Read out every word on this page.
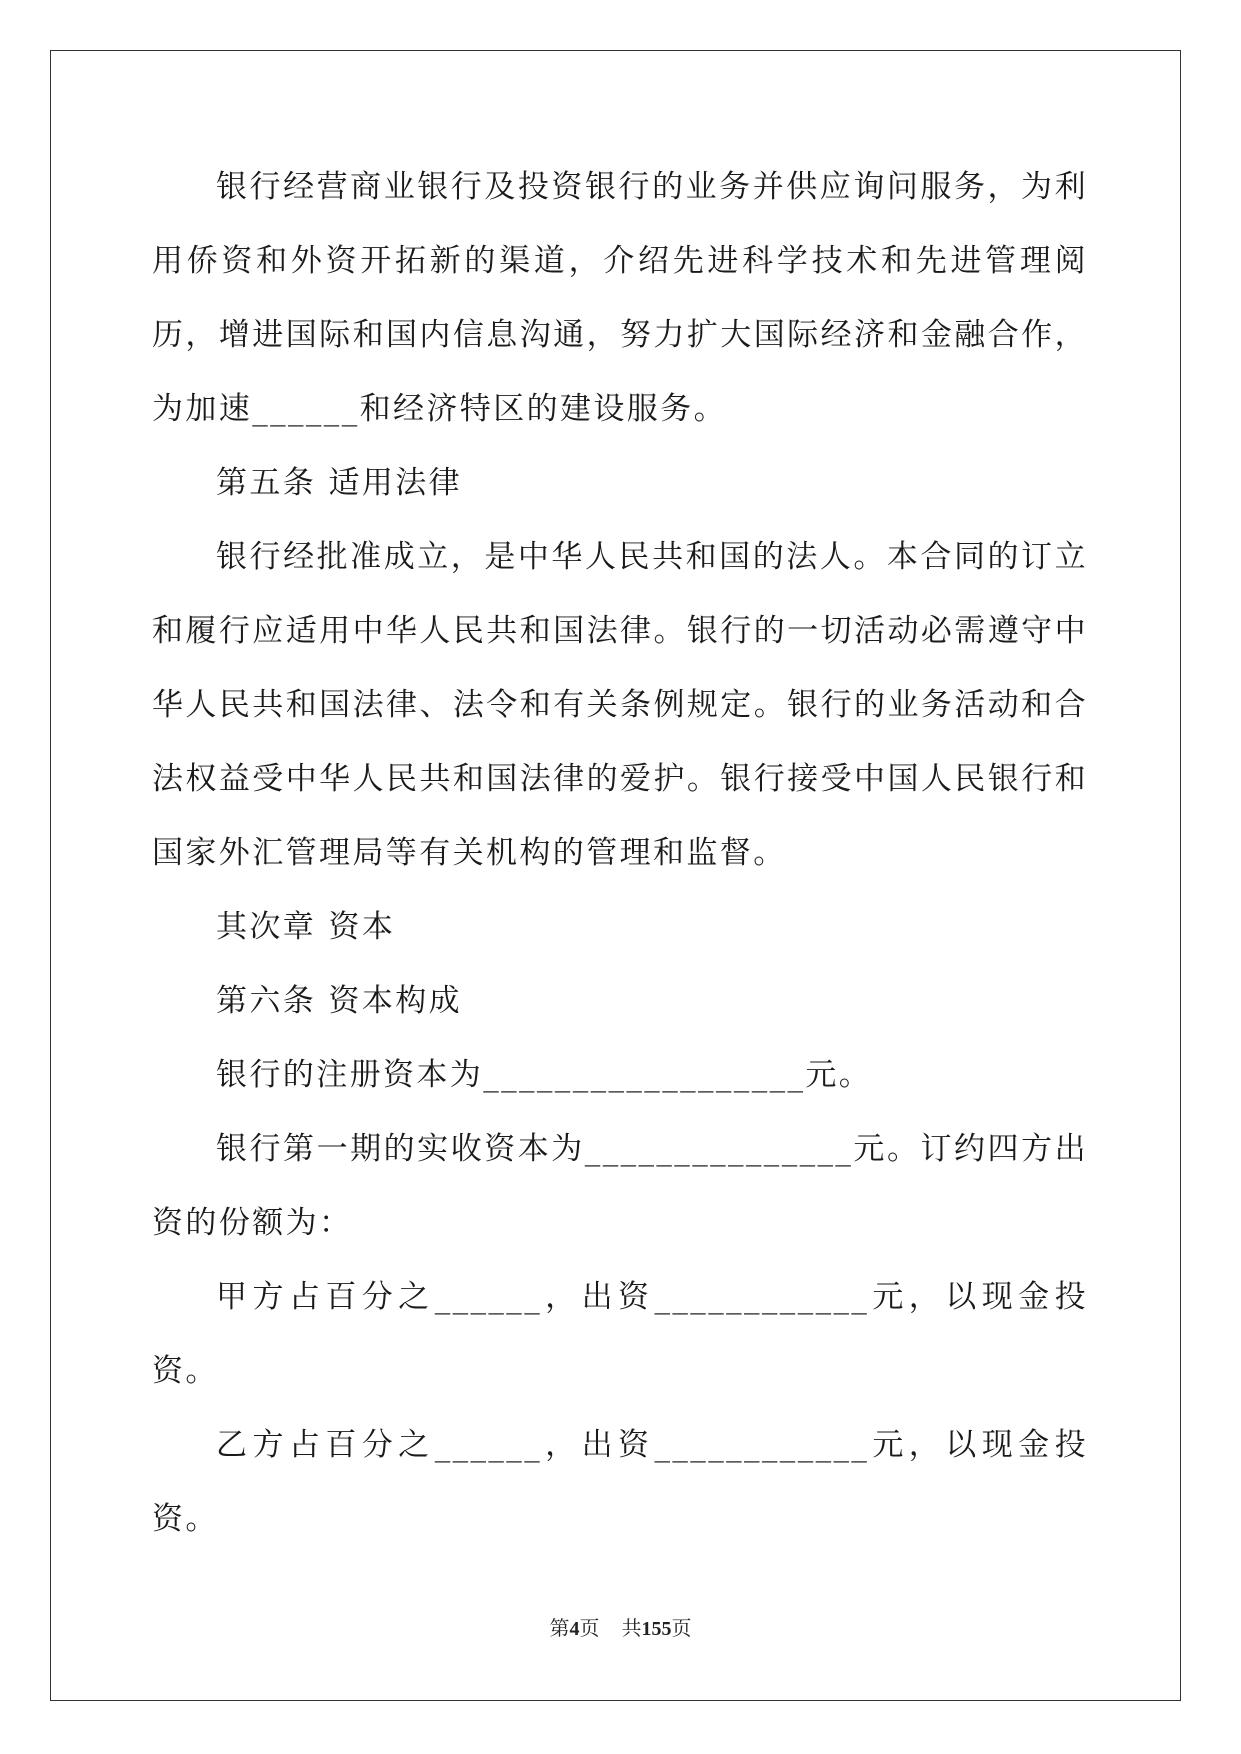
银行经营商业银行及投资银行的业务并供应询问服务，为利用侨资和外资开拓新的渠道，介绍先进科学技术和先进管理阅历，增进国际和国内信息沟通，努力扩大国际经济和金融合作，为加速______和经济特区的建设服务。

第五条 适用法律

银行经批准成立，是中华人民共和国的法人。本合同的订立和履行应适用中华人民共和国法律。银行的一切活动必需遵守中华人民共和国法律、法令和有关条例规定。银行的业务活动和合法权益受中华人民共和国法律的爱护。银行接受中国人民银行和国家外汇管理局等有关机构的管理和监督。

其次章 资本

第六条 资本构成

银行的注册资本为__________________元。

银行第一期的实收资本为_______________元。订约四方出资的份额为：

甲方占百分之______，出资____________元，以现金投资。

乙方占百分之______，出资____________元，以现金投资。

第4页 共155页
